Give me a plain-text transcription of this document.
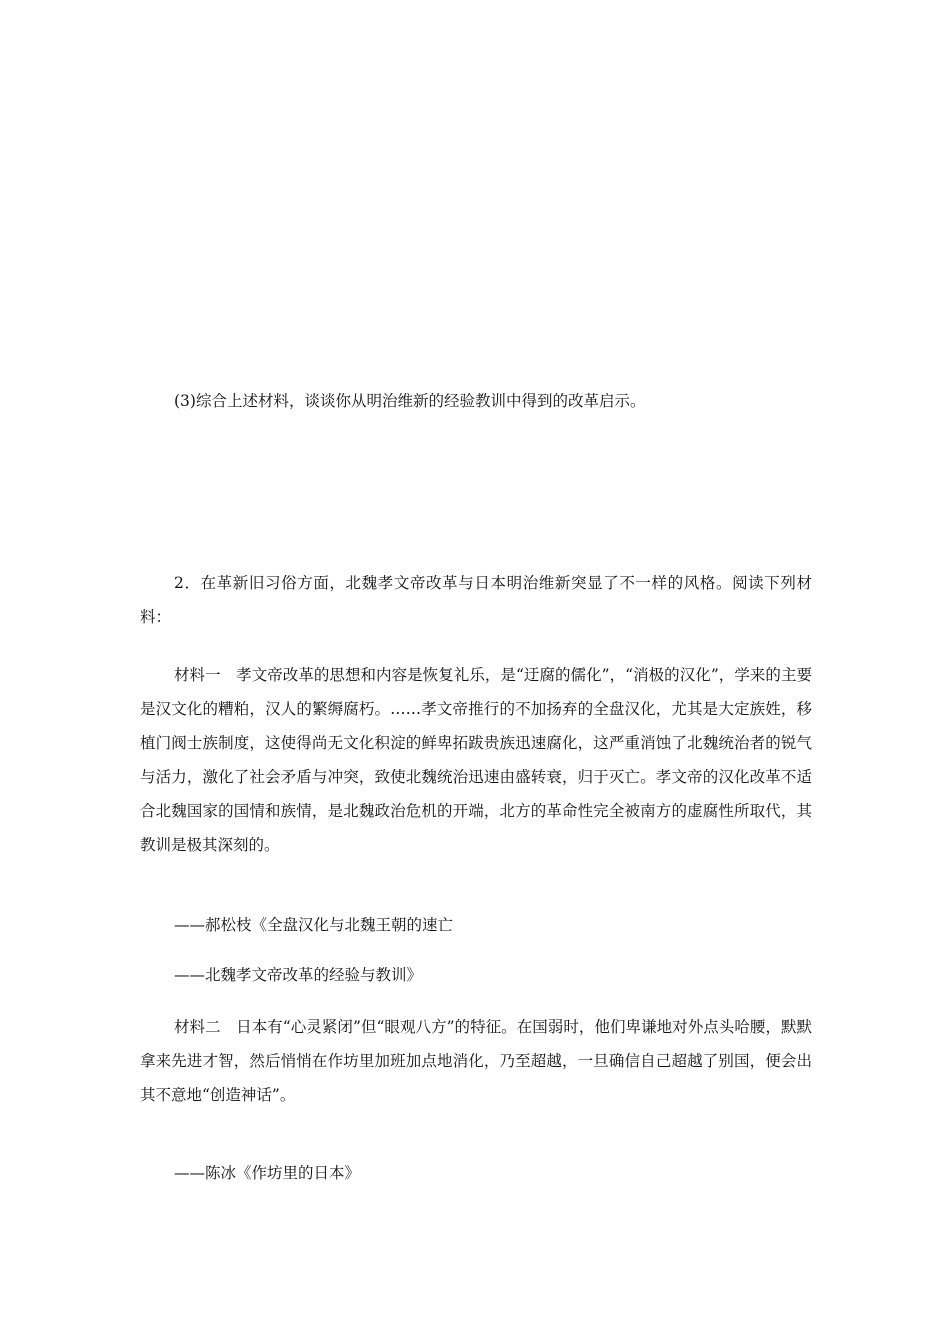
(3)综合上述材料，谈谈你从明治维新的经验教训中得到的改革启示。

2．在革新旧习俗方面，北魏孝文帝改革与日本明治维新突显了不一样的风格。阅读下列材料：

材料一　孝文帝改革的思想和内容是恢复礼乐，是“迂腐的儒化”，“消极的汉化”，学来的主要是汉文化的糟粕，汉人的繁缛腐朽。……孝文帝推行的不加扬弃的全盘汉化，尤其是大定族姓，移植门阀士族制度，这使得尚无文化积淀的鲜卑拓跋贵族迅速腐化，这严重消蚀了北魏统治者的锐气与活力，激化了社会矛盾与冲突，致使北魏统治迅速由盛转衰，归于灭亡。孝文帝的汉化改革不适合北魏国家的国情和族情，是北魏政治危机的开端，北方的革命性完全被南方的虚腐性所取代，其教训是极其深刻的。

——郝松枝《全盘汉化与北魏王朝的速亡

——北魏孝文帝改革的经验与教训》

材料二　日本有“心灵紧闭”但“眼观八方”的特征。在国弱时，他们卑谦地对外点头哈腰，默默拿来先进才智，然后悄悄在作坊里加班加点地消化，乃至超越，一旦确信自己超越了别国，便会出其不意地“创造神话”。

——陈冰《作坊里的日本》
